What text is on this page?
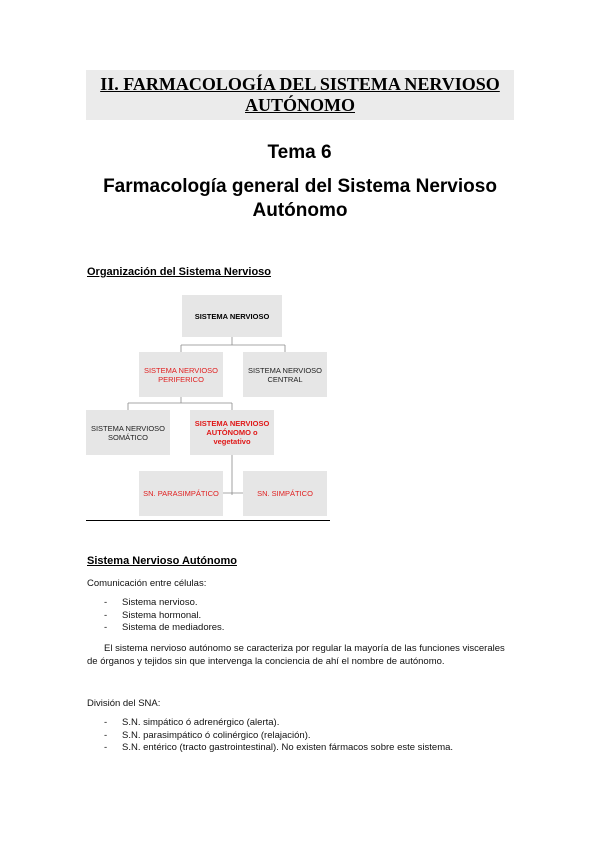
II. FARMACOLOGÍA DEL SISTEMA NERVIOSO AUTÓNOMO
Tema 6
Farmacología general del Sistema Nervioso Autónomo

Organización del Sistema Nervioso

SISTEMA NERVIOSO
SISTEMA NERVIOSO PERIFERICO
SISTEMA NERVIOSO CENTRAL
SISTEMA NERVIOSO SOMÁTICO
SISTEMA NERVIOSO AUTÓNOMO o vegetativo
SN. PARASIMPÁTICO	SN. SIMPÁTICO

Sistema Nervioso Autónomo

Comunicación entre células:

- Sistema nervioso.
- Sistema hormonal.
- Sistema de mediadores.

El sistema nervioso autónomo se caracteriza por regular la mayoría de las funciones viscerales de órganos y tejidos sin que intervenga la conciencia de ahí el nombre de autónomo.

División del SNA:

- S.N. simpático ó adrenérgico (alerta).
- S.N. parasimpático ó colinérgico (relajación).
- S.N. entérico (tracto gastrointestinal). No existen fármacos sobre este sistema.
